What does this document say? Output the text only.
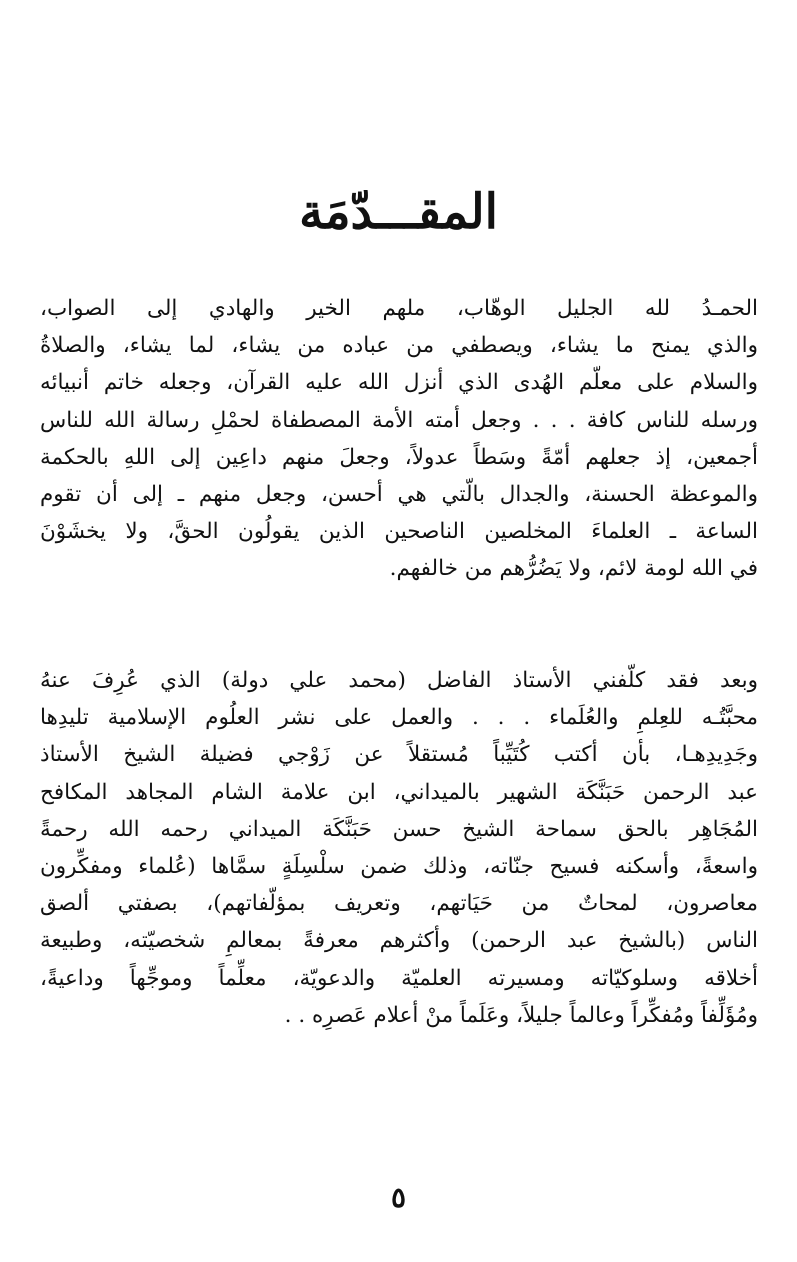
المقـــدّمَة
الحمـدُ لله الجليل الوهّاب، ملهم الخير والهادي إلى الصواب،
والذي يمنح ما يشاء، ويصطفي من عباده من يشاء، لما يشاء، والصلاةُ
والسلام على معلّم الهُدى الذي أنزل الله عليه القرآن، وجعله خاتم أنبيائه
ورسله للناس كافة . . . وجعل أمته الأمة المصطفاة لحمْلِ رسالة الله للناس
أجمعين، إذ جعلهم أمّةً وسَطاً عدولاً، وجعلَ منهم داعِين إلى اللهِ بالحكمة
والموعظة الحسنة، والجدال بالّتي هي أحسن، وجعل منهم ـ إلى أن تقوم
الساعة ـ العلماءَ المخلصين الناصحين الذين يقولُون الحقَّ، ولا يخشَوْنَ
في الله لومة لائم، ولا يَضُرُّهم من خالفهم.
وبعد فقد كلّفني الأستاذ الفاضل (محمد علي دولة) الذي عُرِفَ عنهُ
محبَّتُـه للعِلمِ والعُلَماء . . . والعمل على نشر العلُوم الإسلامية تليدِها
وجَدِيدِهـا، بأن أكتب كُتَيِّباً مُستقلاً عن زَوْجي فضيلة الشيخ الأستاذ
عبد الرحمن حَبَنَّكَة الشهير بالميداني، ابن علامة الشام المجاهد المكافح
المُجَاهِر بالحق سماحة الشيخ حسن حَبَنَّكَة الميداني رحمه الله رحمةً
واسعةً، وأسكنه فسيح جنّاته، وذلك ضمن سلْسِلَةٍ سمَّاها (عُلماء ومفكِّرون
معاصرون، لمحاتٌ من حَيَاتهم، وتعريف بمؤلّفاتهم)، بصفتي ألصق
الناس (بالشيخ عبد الرحمن) وأكثرهم معرفةً بمعالمِ شخصيّته، وطبيعة
أخلاقه وسلوكيّاته ومسيرته العلميّة والدعويّة، معلِّماً وموجِّهاً وداعيةً،
ومُؤَلِّفاً ومُفكِّراً وعالماً جليلاً، وعَلَماً منْ أعلام عَصرِه . .
٥
